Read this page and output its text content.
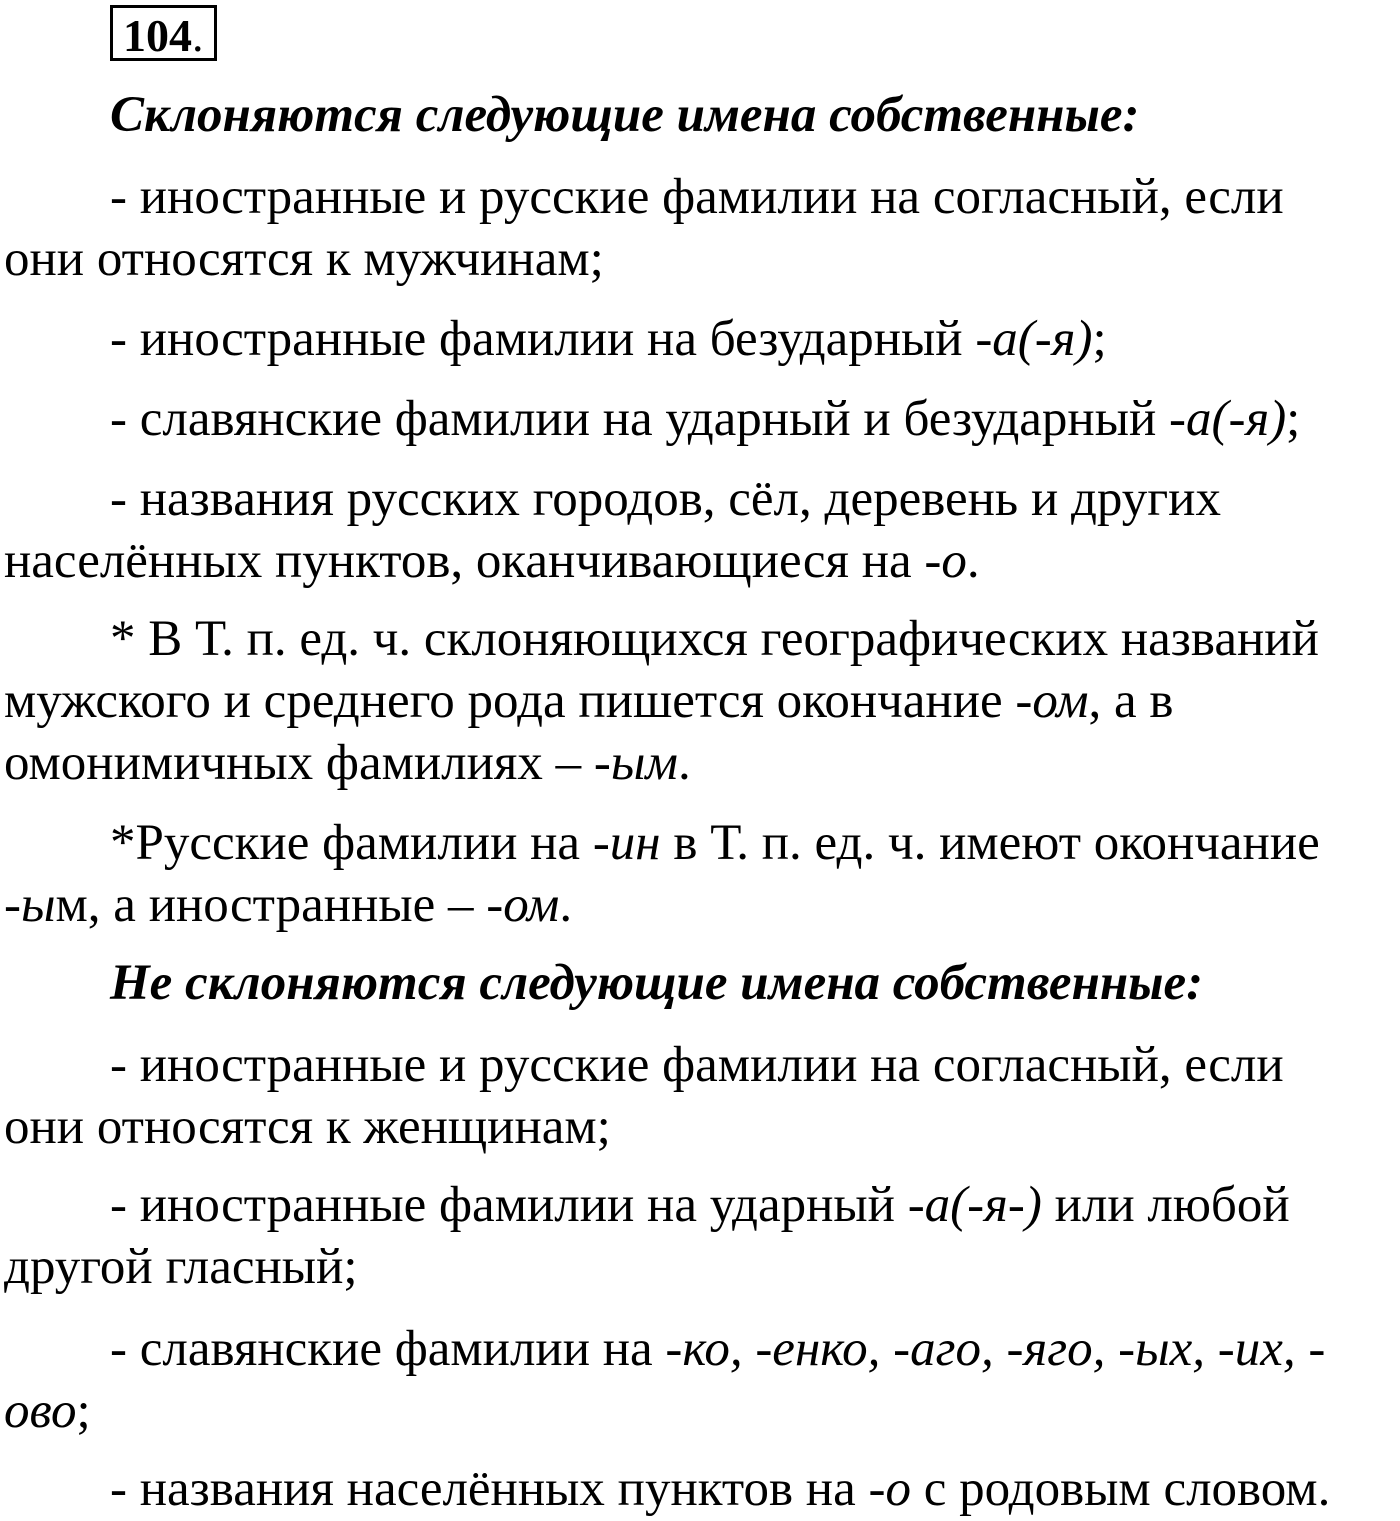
104.
Склоняются следующие имена собственные:
- иностранные и русские фамилии на согласный, если
они относятся к мужчинам;
- иностранные фамилии на безударный -а(-я);
- славянские фамилии на ударный и безударный -а(-я);
- названия русских городов, сёл, деревень и других
населённых пунктов, оканчивающиеся на -о.
* В Т. п. ед. ч. склоняющихся географических названий
мужского и среднего рода пишется окончание -ом, а в
омонимичных фамилиях – -ым.
*Русские фамилии на -ин в Т. п. ед. ч. имеют окончание
-ым, а иностранные – -ом.
Не склоняются следующие имена собственные:
- иностранные и русские фамилии на согласный, если
они относятся к женщинам;
- иностранные фамилии на ударный -а(-я-) или любой
другой гласный;
- славянские фамилии на -ко, -енко, -аго, -яго, -ых, -их, -
ово;
- названия населённых пунктов на -о с родовым словом.
